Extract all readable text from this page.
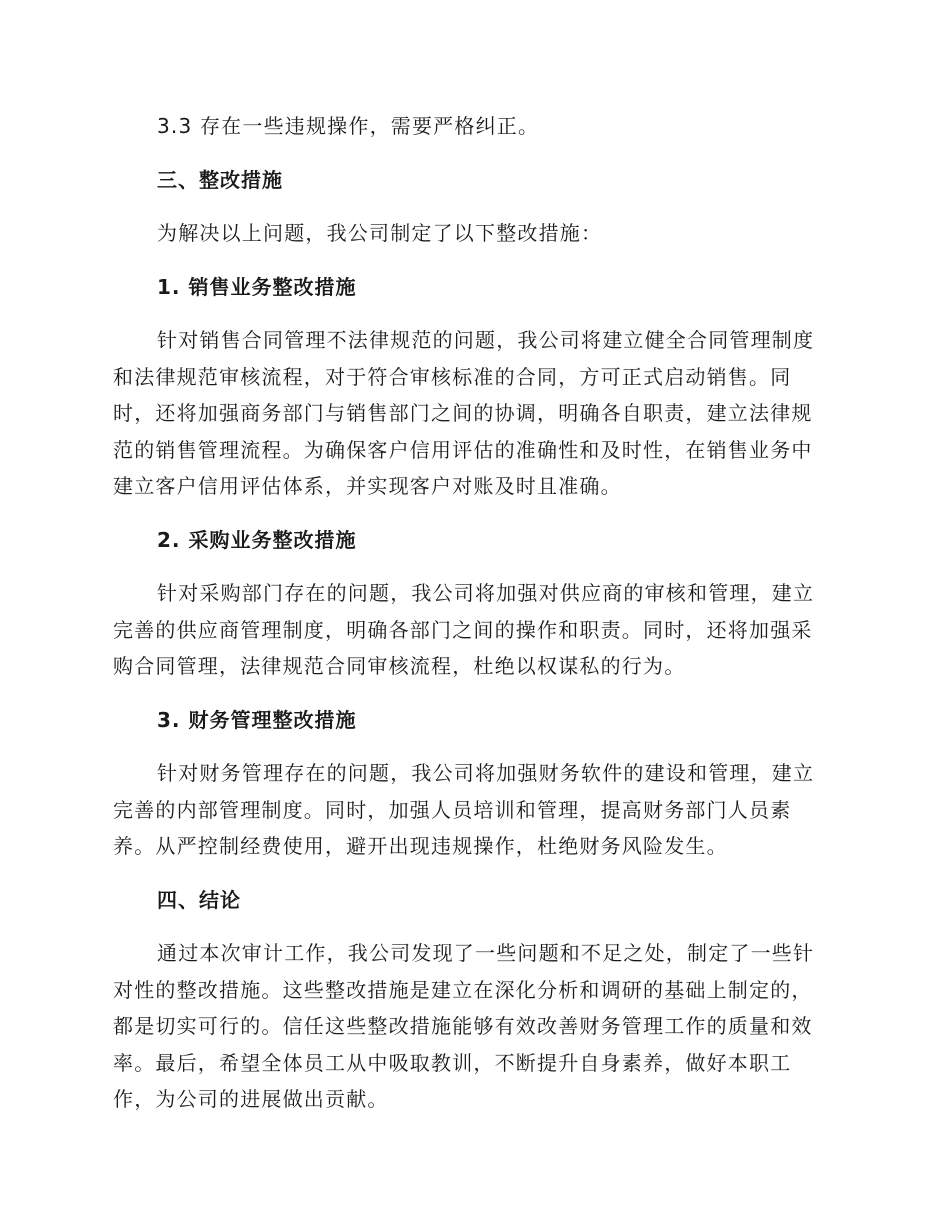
3.3 存在一些违规操作，需要严格纠正。

三、整改措施

为解决以上问题，我公司制定了以下整改措施：

1. 销售业务整改措施

针对销售合同管理不法律规范的问题，我公司将建立健全合同管理制度

和法律规范审核流程，对于符合审核标准的合同，方可正式启动销售。同

时，还将加强商务部门与销售部门之间的协调，明确各自职责，建立法律规

范的销售管理流程。为确保客户信用评估的准确性和及时性，在销售业务中

建立客户信用评估体系，并实现客户对账及时且准确。

2. 采购业务整改措施

针对采购部门存在的问题，我公司将加强对供应商的审核和管理，建立

完善的供应商管理制度，明确各部门之间的操作和职责。同时，还将加强采

购合同管理，法律规范合同审核流程，杜绝以权谋私的行为。

3. 财务管理整改措施

针对财务管理存在的问题，我公司将加强财务软件的建设和管理，建立

完善的内部管理制度。同时，加强人员培训和管理，提高财务部门人员素

养。从严控制经费使用，避开出现违规操作，杜绝财务风险发生。

四、结论

通过本次审计工作，我公司发现了一些问题和不足之处，制定了一些针

对性的整改措施。这些整改措施是建立在深化分析和调研的基础上制定的，

都是切实可行的。信任这些整改措施能够有效改善财务管理工作的质量和效

率。最后，希望全体员工从中吸取教训，不断提升自身素养，做好本职工

作，为公司的进展做出贡献。
